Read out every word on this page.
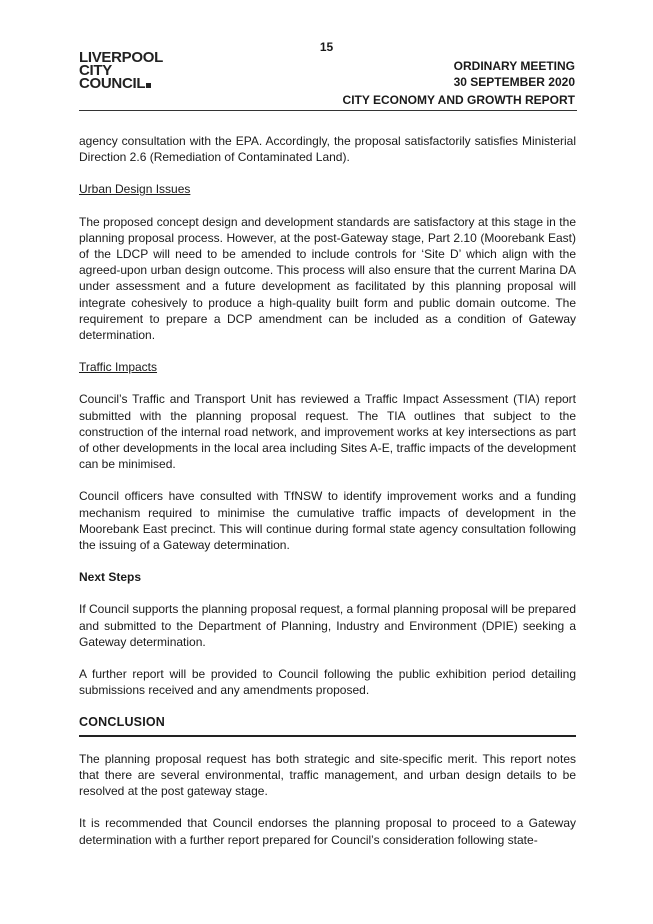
15
LIVERPOOL
CITY
COUNCIL
ORDINARY MEETING
30 SEPTEMBER 2020
CITY ECONOMY AND GROWTH REPORT

agency consultation with the EPA. Accordingly, the proposal satisfactorily satisfies Ministerial Direction 2.6 (Remediation of Contaminated Land).

Urban Design Issues

The proposed concept design and development standards are satisfactory at this stage in the planning proposal process. However, at the post-Gateway stage, Part 2.10 (Moorebank East) of the LDCP will need to be amended to include controls for ‘Site D’ which align with the agreed-upon urban design outcome. This process will also ensure that the current Marina DA under assessment and a future development as facilitated by this planning proposal will integrate cohesively to produce a high-quality built form and public domain outcome. The requirement to prepare a DCP amendment can be included as a condition of Gateway determination.

Traffic Impacts

Council’s Traffic and Transport Unit has reviewed a Traffic Impact Assessment (TIA) report submitted with the planning proposal request. The TIA outlines that subject to the construction of the internal road network, and improvement works at key intersections as part of other developments in the local area including Sites A-E, traffic impacts of the development can be minimised.

Council officers have consulted with TfNSW to identify improvement works and a funding mechanism required to minimise the cumulative traffic impacts of development in the Moorebank East precinct. This will continue during formal state agency consultation following the issuing of a Gateway determination.

Next Steps

If Council supports the planning proposal request, a formal planning proposal will be prepared and submitted to the Department of Planning, Industry and Environment (DPIE) seeking a Gateway determination.

A further report will be provided to Council following the public exhibition period detailing submissions received and any amendments proposed.

CONCLUSION

The planning proposal request has both strategic and site-specific merit. This report notes that there are several environmental, traffic management, and urban design details to be resolved at the post gateway stage.

It is recommended that Council endorses the planning proposal to proceed to a Gateway determination with a further report prepared for Council’s consideration following state-
